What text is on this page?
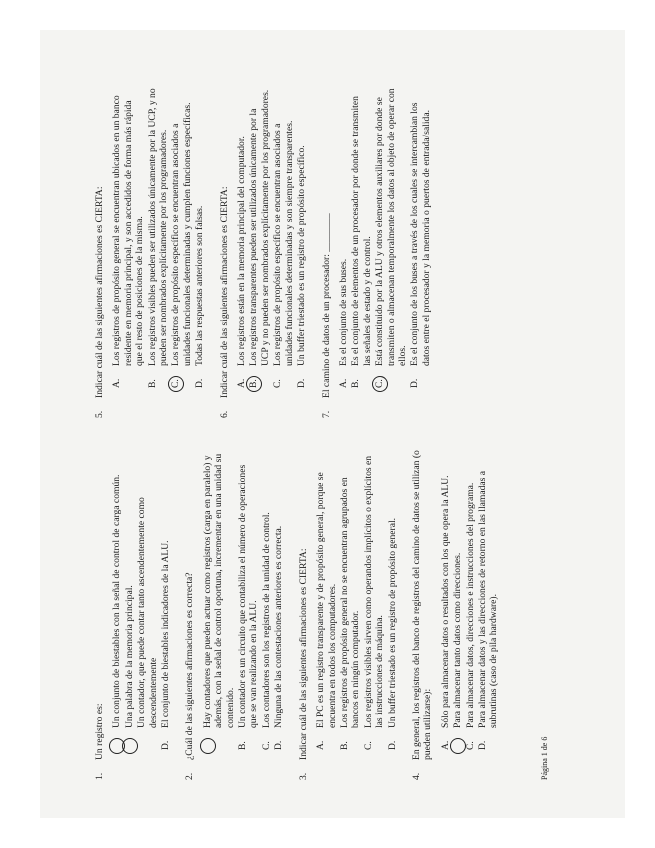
1.
Un registro es:
Un conjunto de biestables con la señal de control de carga común. Una palabra de la memoria principal. Un contador, que puede contar tanto ascendentemente como descendentemente
D.
El conjunto de biestables indicadores de la ALU.
2.
¿Cuál de las siguientes afirmaciones es correcta? Hay contadores que pueden actuar como registros (carga en paralelo) y además, con la señal de control oportuna, incrementar en una unidad su contenido.
B.
Un contador es un circuito que contabiliza el número de operaciones que se van realizando en la ALU.
C.
Los contadores son los registros de la unidad de control.
D.
Ninguna de las contestaciones anteriores es correcta.
3.
Indicar cuál de las siguientes afirmaciones es CIERTA: A.
El PC es un registro transparente y de propósito general, porque se encuentra en todos los computadores.
B.
Los registros de propósito general no se encuentran agrupados en bancos en ningún computador.
C.
Los registros visibles sirven como operandos implícitos o explícitos en las instrucciones de máquina.
D.
Un buffer triestado es un registro de propósito general.
4.
En general, los registros del banco de registros del camino de datos se utilizan (o pueden utilizarse): A.
Sólo para almacenar datos o resultados con los que opera la ALU. Para almacenar tanto datos como direcciones.
C.
Para almacenar datos, direcciones e instrucciones del programa.
D.
Para almacenar datos y las direcciones de retorno en las llamadas a subrutinas (caso de pila hardware).
5.
Indicar cuál de las siguientes afirmaciones es CIERTA: A.
Los registros de propósito general se encuentran ubicados en un banco residente en memoria principal, y son accedidos de forma más rápida que el resto de posiciones de la misma.
B.
Los registros visibles pueden ser utilizados únicamente por la UCP, y no pueden ser nombrados explícitamente por los programadores.
C.
Los registros de propósito específico se encuentran asociados a unidades funcionales determinadas y cumplen funciones específicas.
D.
Todas las respuestas anteriores son falsas.
6.
Indicar cuál de las siguientes afirmaciones es CIERTA: A.
Los registros están en la memoria principal del computador.
B.
Los registros transparentes pueden ser utilizados únicamente por la UCP y no pueden ser nombrados explícitamente por los programadores.
C.
Los registros de propósito específico se encuentran asociados a unidades funcionales determinadas y son siempre transparentes.
D.
Un buffer triestado es un registro de propósito específico.
7.
El camino de datos de un procesador: ________ A.
Es el conjunto de sus buses.
B.
Es el conjunto de elementos de un procesador por donde se transmiten las señales de estado y de control.
C.
Está constituido por la ALU y otros elementos auxiliares por donde se transmiten o almacenan temporalmente los datos al objeto de operar con ellos.
D.
Es el conjunto de los buses a través de los cuales se intercambian los datos entre el procesador y la memoria o puertos de entrada/salida.
Página 1 de 6
